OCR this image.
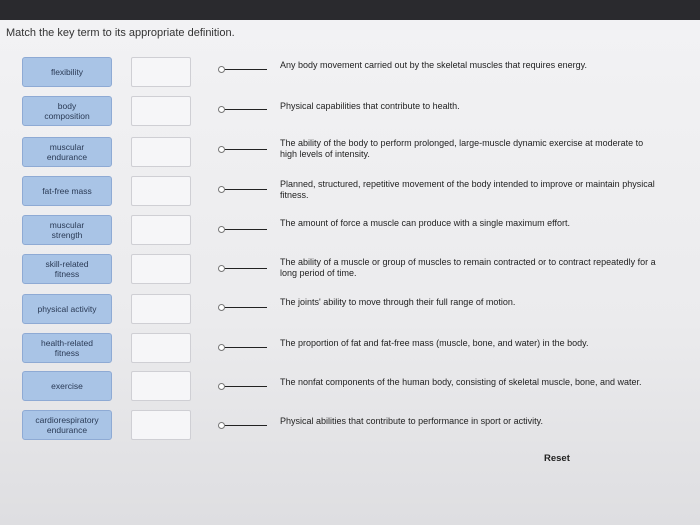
Match the key term to its appropriate definition.
flexibility
body
composition
muscular
endurance
fat-free mass
muscular
strength
skill-related
fitness
physical activity
health-related
fitness
exercise
cardiorespiratory
endurance
Any body movement carried out by the skeletal muscles that requires energy.
Physical capabilities that contribute to health.
The ability of the body to perform prolonged, large-muscle dynamic exercise at moderate to high levels of intensity.
Planned, structured, repetitive movement of the body intended to improve or maintain physical fitness.
The amount of force a muscle can produce with a single maximum effort.
The ability of a muscle or group of muscles to remain contracted or to contract repeatedly for a long period of time.
The joints' ability to move through their full range of motion.
The proportion of fat and fat-free mass (muscle, bone, and water) in the body.
The nonfat components of the human body, consisting of skeletal muscle, bone, and water.
Physical abilities that contribute to performance in sport or activity.
Reset
